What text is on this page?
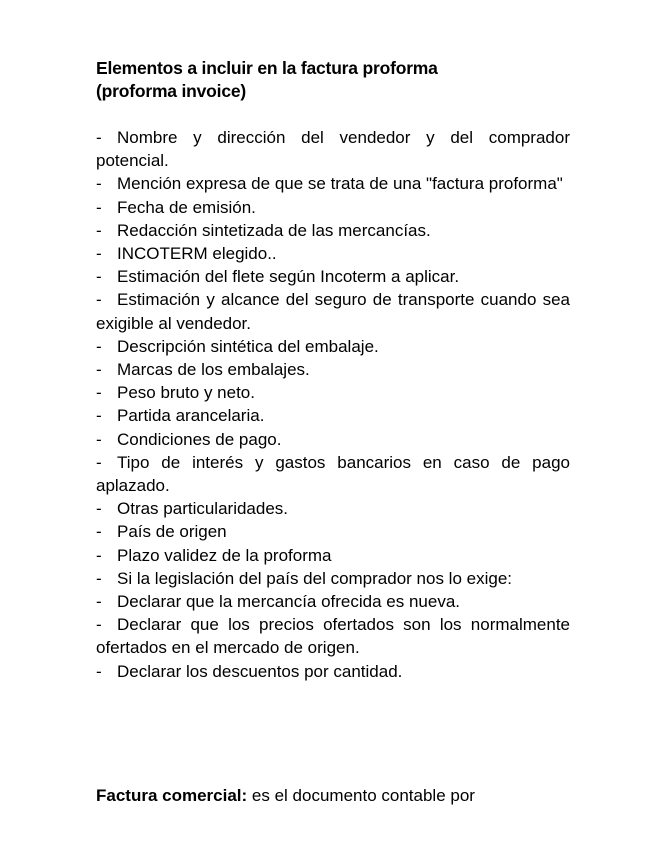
Elementos a incluir en la factura proforma
(proforma invoice)
- Nombre y dirección del vendedor y del comprador potencial.
- Mención expresa de que se trata de una "factura proforma"
- Fecha de emisión.
- Redacción sintetizada de las mercancías.
- INCOTERM elegido..
- Estimación del flete según Incoterm a aplicar.
- Estimación y alcance del seguro de transporte cuando sea exigible al vendedor.
- Descripción sintética del embalaje.
- Marcas de los embalajes.
- Peso bruto y neto.
- Partida arancelaria.
- Condiciones de pago.
- Tipo de interés y gastos bancarios en caso de pago aplazado.
- Otras particularidades.
- País de origen
- Plazo validez de la proforma
- Si la legislación del país del comprador nos lo exige:
- Declarar que la mercancía ofrecida es nueva.
- Declarar que los precios ofertados son los normalmente ofertados en el mercado de origen.
- Declarar los descuentos por cantidad.
Factura comercial: es el documento contable por
